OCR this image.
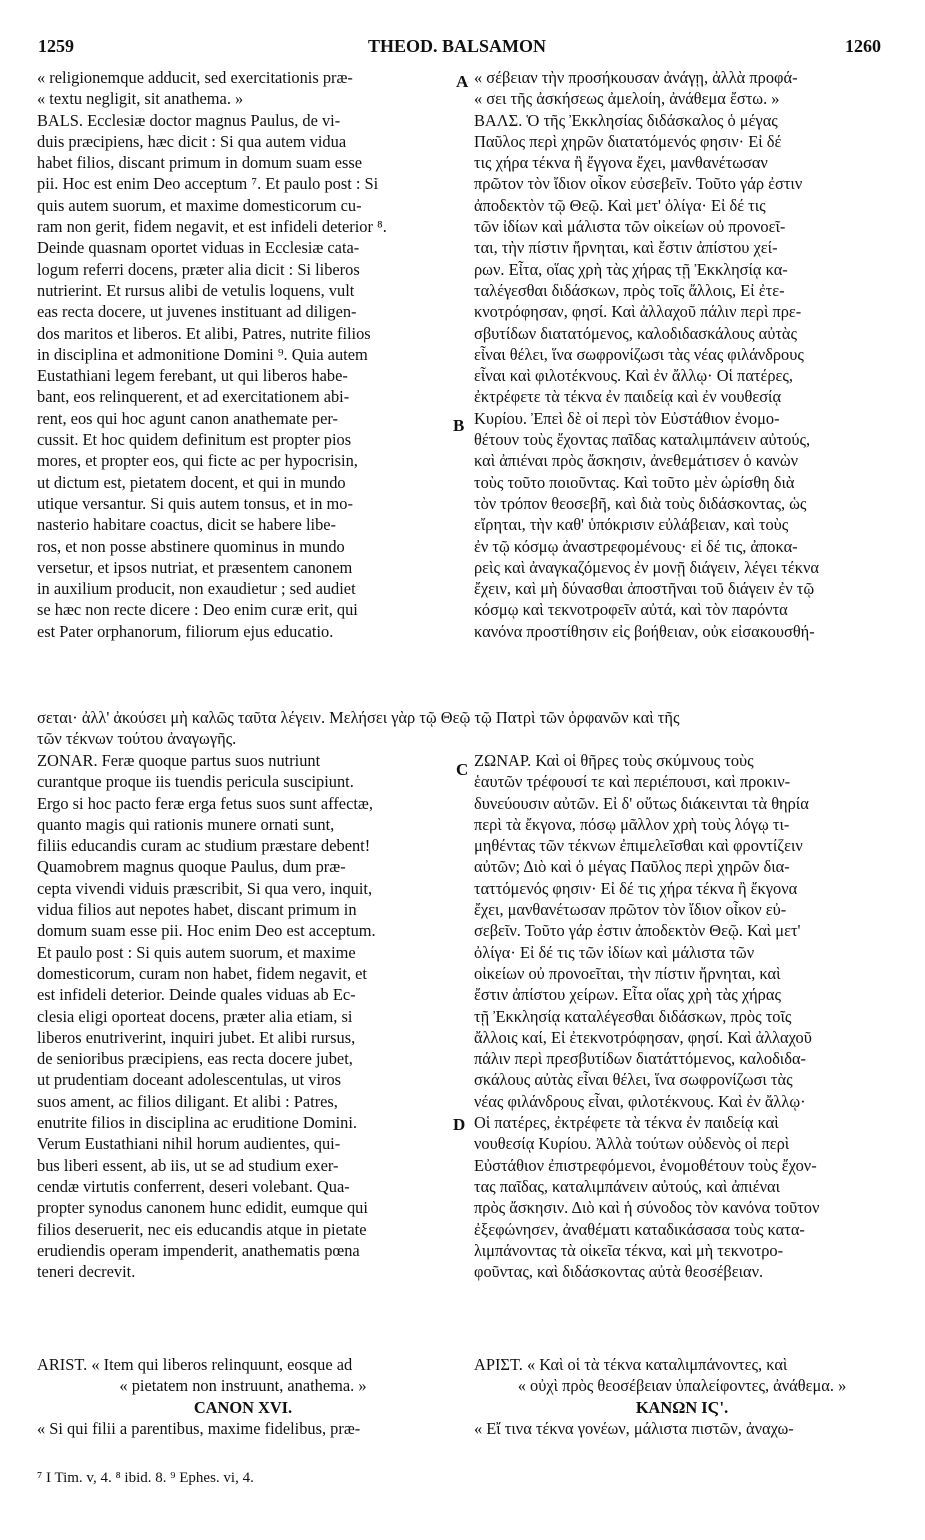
1259	THEOD. BALSAMON	1260
A
B
C
D

« religionemque adducit, sed exercitationis præ-

« textu negligit, sit anathema. »

BALS. Ecclesiæ doctor magnus Paulus, de vi-

duis præcipiens, hæc dicit : Si qua autem vidua

habet filios, discant primum in domum suam esse

pii. Hoc est enim Deo acceptum ⁷. Et paulo post : Si

quis autem suorum, et maxime domesticorum cu-

ram non gerit, fidem negavit, et est infideli deterior ⁸.

Deinde quasnam oportet viduas in Ecclesiæ cata-

logum referri docens, præter alia dicit : Si liberos

nutrierint. Et rursus alibi de vetulis loquens, vult

eas recta docere, ut juvenes instituant ad diligen-

dos maritos et liberos. Et alibi, Patres, nutrite filios

in disciplina et admonitione Domini ⁹. Quia autem

Eustathiani legem ferebant, ut qui liberos habe-

bant, eos relinquerent, et ad exercitationem abi-

rent, eos qui hoc agunt canon anathemate per-

cussit. Et hoc quidem definitum est propter pios

mores, et propter eos, qui ficte ac per hypocrisin,

ut dictum est, pietatem docent, et qui in mundo

utique versantur. Si quis autem tonsus, et in mo-

nasterio habitare coactus, dicit se habere libe-

ros, et non posse abstinere quominus in mundo

versetur, et ipsos nutriat, et præsentem canonem

in auxilium producit, non exaudietur ; sed audiet

se hæc non recte dicere : Deo enim curæ erit, qui

est Pater orphanorum, filiorum ejus educatio.

« σέβειαν τὴν προσήκουσαν ἀνάγῃ, ἀλλὰ προφά-

« σει τῆς ἀσκήσεως ἀμελοίη, ἀνάθεμα ἔστω. »

ΒΑΛΣ. Ὁ τῆς Ἐκκλησίας διδάσκαλος ὁ μέγας

Παῦλος περὶ χηρῶν διατατόμενός φησιν· Εἰ δέ

τις χήρα τέκνα ἢ ἔγγονα ἔχει, μανθανέτωσαν

πρῶτον τὸν ἴδιον οἶκον εὐσεβεῖν. Τοῦτο γάρ ἐστιν

ἀποδεκτὸν τῷ Θεῷ. Καὶ μετ' ὀλίγα· Εἰ δέ τις

τῶν ἰδίων καὶ μάλιστα τῶν οἰκείων οὐ προνοεῖ-

ται, τὴν πίστιν ἤρνηται, καὶ ἔστιν ἀπίστου χεί-

ρων. Εἶτα, οἵας χρὴ τὰς χήρας τῇ Ἐκκλησίᾳ κα-

ταλέγεσθαι διδάσκων, πρὸς τοῖς ἄλλοις, Εἰ ἐτε-

κνοτρόφησαν, φησί. Καὶ ἀλλαχοῦ πάλιν περὶ πρε-

σβυτίδων διατατόμενος, καλοδιδασκάλους αὐτὰς

εἶναι θέλει, ἵνα σωφρονίζωσι τὰς νέας φιλάνδρους

εἶναι καὶ φιλοτέκνους. Καὶ ἐν ἄλλῳ· Οἱ πατέρες,

ἐκτρέφετε τὰ τέκνα ἐν παιδείᾳ καὶ ἐν νουθεσίᾳ

Κυρίου. Ἐπεὶ δὲ οἱ περὶ τὸν Εὐστάθιον ἐνομο-

θέτουν τοὺς ἔχοντας παῖδας καταλιμπάνειν αὐτούς,

καὶ ἀπιέναι πρὸς ἄσκησιν, ἀνεθεμάτισεν ὁ κανὼν

τοὺς τοῦτο ποιοῦντας. Καὶ τοῦτο μὲν ὡρίσθη διὰ

τὸν τρόπον θεοσεβῆ, καὶ διὰ τοὺς διδάσκοντας, ὡς

εἴρηται, τὴν καθ' ὑπόκρισιν εὐλάβειαν, καὶ τοὺς

ἐν τῷ κόσμῳ ἀναστρεφομένους· εἰ δέ τις, ἀποκα-

ρεὶς καὶ ἀναγκαζόμενος ἐν μονῇ διάγειν, λέγει τέκνα

ἔχειν, καὶ μὴ δύνασθαι ἀποστῆναι τοῦ διάγειν ἐν τῷ

κόσμῳ καὶ τεκνοτροφεῖν αὐτά, καὶ τὸν παρόντα

κανόνα προστίθησιν εἰς βοήθειαν, οὐκ εἰσακουσθή-

σεται· ἀλλ' ἀκούσει μὴ καλῶς ταῦτα λέγειν. Μελήσει γὰρ τῷ Θεῷ τῷ Πατρὶ τῶν ὀρφανῶν καὶ τῆς

τῶν τέκνων τούτου ἀναγωγῆς.

ZONAR. Feræ quoque partus suos nutriunt

curantque proque iis tuendis pericula suscipiunt.

Ergo si hoc pacto feræ erga fetus suos sunt affectæ,

quanto magis qui rationis munere ornati sunt,

filiis educandis curam ac studium præstare debent!

Quamobrem magnus quoque Paulus, dum præ-

cepta vivendi viduis præscribit, Si qua vero, inquit,

vidua filios aut nepotes habet, discant primum in

domum suam esse pii. Hoc enim Deo est acceptum.

Et paulo post : Si quis autem suorum, et maxime

domesticorum, curam non habet, fidem negavit, et

est infideli deterior. Deinde quales viduas ab Ec-

clesia eligi oporteat docens, præter alia etiam, si

liberos enutriverint, inquiri jubet. Et alibi rursus,

de senioribus præcipiens, eas recta docere jubet,

ut prudentiam doceant adolescentulas, ut viros

suos ament, ac filios diligant. Et alibi : Patres,

enutrite filios in disciplina ac eruditione Domini.

Verum Eustathiani nihil horum audientes, qui-

bus liberi essent, ab iis, ut se ad studium exer-

cendæ virtutis conferrent, deseri volebant. Qua-

propter synodus canonem hunc edidit, eumque qui

filios deseruerit, nec eis educandis atque in pietate

erudiendis operam impenderit, anathematis pœna

teneri decrevit.

ΖΩΝΑΡ. Καὶ οἱ θῆρες τοὺς σκύμνους τοὺς

ἑαυτῶν τρέφουσί τε καὶ περιέπουσι, καὶ προκιν-

δυνεύουσιν αὐτῶν. Εἰ δ' οὕτως διάκεινται τὰ θηρία

περὶ τὰ ἔκγονα, πόσῳ μᾶλλον χρὴ τοὺς λόγῳ τι-

μηθέντας τῶν τέκνων ἐπιμελεῖσθαι καὶ φροντίζειν

αὐτῶν; Διὸ καὶ ὁ μέγας Παῦλος περὶ χηρῶν δια-

ταττόμενός φησιν· Εἰ δέ τις χήρα τέκνα ἢ ἔκγονα

ἔχει, μανθανέτωσαν πρῶτον τὸν ἴδιον οἶκον εὐ-

σεβεῖν. Τοῦτο γάρ ἐστιν ἀποδεκτὸν Θεῷ. Καὶ μετ'

ὀλίγα· Εἰ δέ τις τῶν ἰδίων καὶ μάλιστα τῶν

οἰκείων οὐ προνοεῖται, τὴν πίστιν ἤρνηται, καὶ

ἔστιν ἀπίστου χείρων. Εἶτα οἵας χρὴ τὰς χήρας

τῇ Ἐκκλησίᾳ καταλέγεσθαι διδάσκων, πρὸς τοῖς

ἄλλοις καί, Εἰ ἐτεκνοτρόφησαν, φησί. Καὶ ἀλλαχοῦ

πάλιν περὶ πρεσβυτίδων διατάττόμενος, καλοδιδα-

σκάλους αὐτὰς εἶναι θέλει, ἵνα σωφρονίζωσι τὰς

νέας φιλάνδρους εἶναι, φιλοτέκνους. Καὶ ἐν ἄλλῳ·

Οἱ πατέρες, ἐκτρέφετε τὰ τέκνα ἐν παιδείᾳ καὶ

νουθεσίᾳ Κυρίου. Ἀλλὰ τούτων οὐδενὸς οἱ περὶ

Εὐστάθιον ἐπιστρεφόμενοι, ἐνομοθέτουν τοὺς ἔχον-

τας παῖδας, καταλιμπάνειν αὐτούς, καὶ ἀπιέναι

πρὸς ἄσκησιν. Διὸ καὶ ἡ σύνοδος τὸν κανόνα τοῦτον

ἐξεφώνησεν, ἀναθέματι καταδικάσασα τοὺς κατα-

λιμπάνοντας τὰ οἰκεῖα τέκνα, καὶ μὴ τεκνοτρο-

φοῦντας, καὶ διδάσκοντας αὐτὰ θεοσέβειαν.

ARIST. « Item qui liberos relinquunt, eosque ad

« pietatem non instruunt, anathema. »

CANON XVI.

« Si qui filii a parentibus, maxime fidelibus, præ-

ΑΡΙΣΤ. « Καὶ οἱ τὰ τέκνα καταλιμπάνοντες, καὶ

« οὐχὶ πρὸς θεοσέβειαν ὑπαλείφοντες, ἀνάθεμα. »

ΚΑΝΩΝ ΙϚ'.

« Εἴ τινα τέκνα γονέων, μάλιστα πιστῶν, ἀναχω-

⁷ I Tim. v, 4. ⁸ ibid. 8. ⁹ Ephes. vi, 4.
